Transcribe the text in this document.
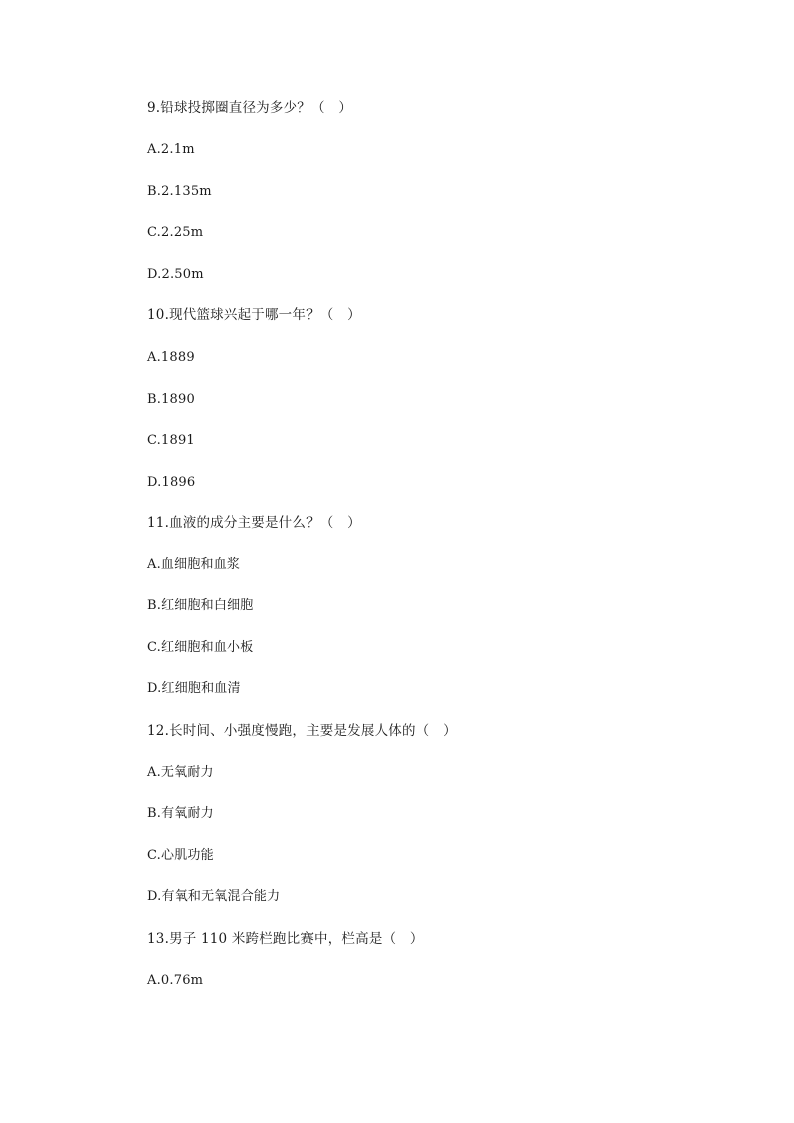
9.铅球投掷圈直径为多少？（　）
A.2.1m
B.2.135m
C.2.25m
D.2.50m
10.现代篮球兴起于哪一年？（　）
A.1889
B.1890
C.1891
D.1896
11.血液的成分主要是什么？（　）
A.血细胞和血浆
B.红细胞和白细胞
C.红细胞和血小板
D.红细胞和血清
12.长时间、小强度慢跑，主要是发展人体的（　）
A.无氧耐力
B.有氧耐力
C.心肌功能
D.有氧和无氧混合能力
13.男子 110 米跨栏跑比赛中，栏高是（　）
A.0.76m
